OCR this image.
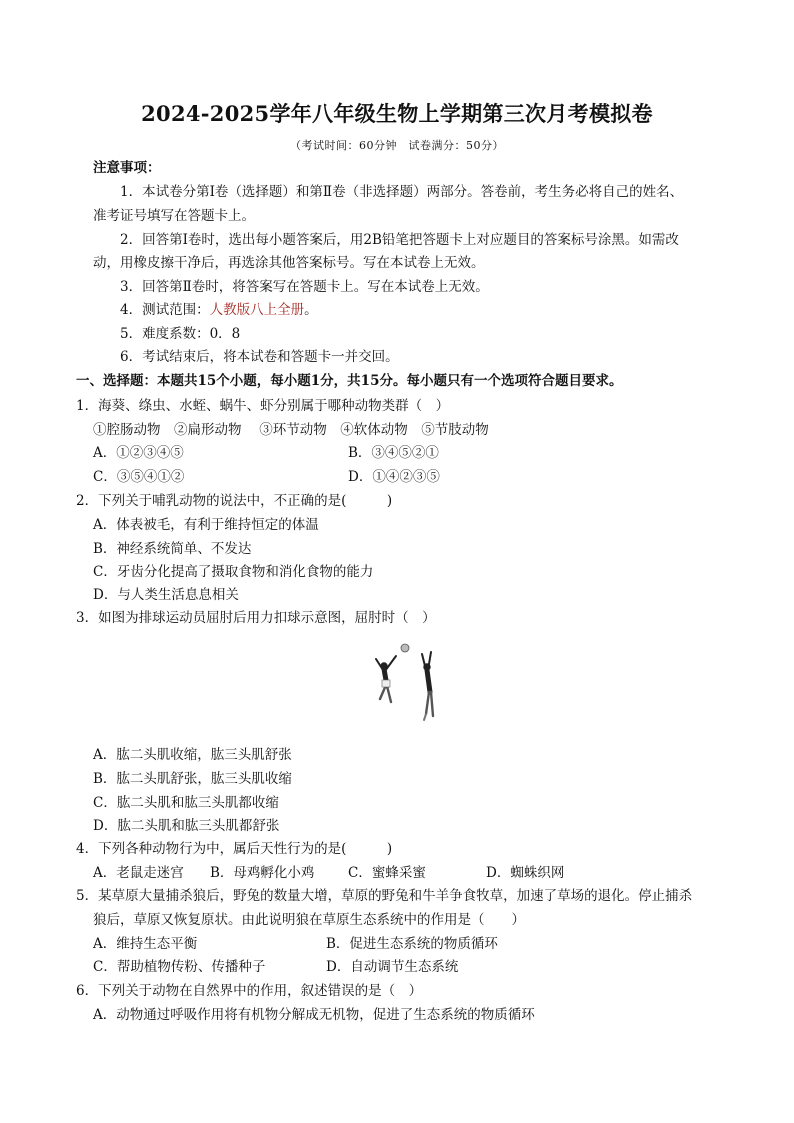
2024-2025学年八年级生物上学期第三次月考模拟卷
（考试时间：60分钟　试卷满分：50分）
注意事项：
1．本试卷分第Ⅰ卷（选择题）和第Ⅱ卷（非选择题）两部分。答卷前，考生务必将自己的姓名、
准考证号填写在答题卡上。
2．回答第Ⅰ卷时，选出每小题答案后，用2B铅笔把答题卡上对应题目的答案标号涂黑。如需改
动，用橡皮擦干净后，再选涂其他答案标号。写在本试卷上无效。
3．回答第Ⅱ卷时，将答案写在答题卡上。写在本试卷上无效。
4．测试范围：人教版八上全册。
5．难度系数：0．8
6．考试结束后，将本试卷和答题卡一并交回。
一、选择题：本题共15个小题，每小题1分，共15分。每小题只有一个选项符合题目要求。
1．海葵、绦虫、水蛭、蜗牛、虾分别属于哪种动物类群（　）
①腔肠动物　②扁形动物　 ③环节动物　④软体动物　⑤节肢动物
A．①②③④⑤	B．③④⑤②①
C．③⑤④①②	D．①④②③⑤
2．下列关于哺乳动物的说法中，不正确的是(　　　)
A．体表被毛，有利于维持恒定的体温
B．神经系统简单、不发达
C．牙齿分化提高了摄取食物和消化食物的能力
D．与人类生活息息相关
3．如图为排球运动员屈肘后用力扣球示意图，屈肘时（　）
A．肱二头肌收缩，肱三头肌舒张
B．肱二头肌舒张，肱三头肌收缩
C．肱二头肌和肱三头肌都收缩
D．肱二头肌和肱三头肌都舒张
4．下列各种动物行为中，属后天性行为的是(　　　)
A．老鼠走迷宫 B．母鸡孵化小鸡 C．蜜蜂采蜜	D．蜘蛛织网
5．某草原大量捕杀狼后，野兔的数量大增，草原的野兔和牛羊争食牧草，加速了草场的退化。停止捕杀
狼后，草原又恢复原状。由此说明狼在草原生态系统中的作用是（　　）
A．维持生态平衡	B．促进生态系统的物质循环
C．帮助植物传粉、传播种子	D．自动调节生态系统
6．下列关于动物在自然界中的作用，叙述错误的是（　）
A．动物通过呼吸作用将有机物分解成无机物，促进了生态系统的物质循环
